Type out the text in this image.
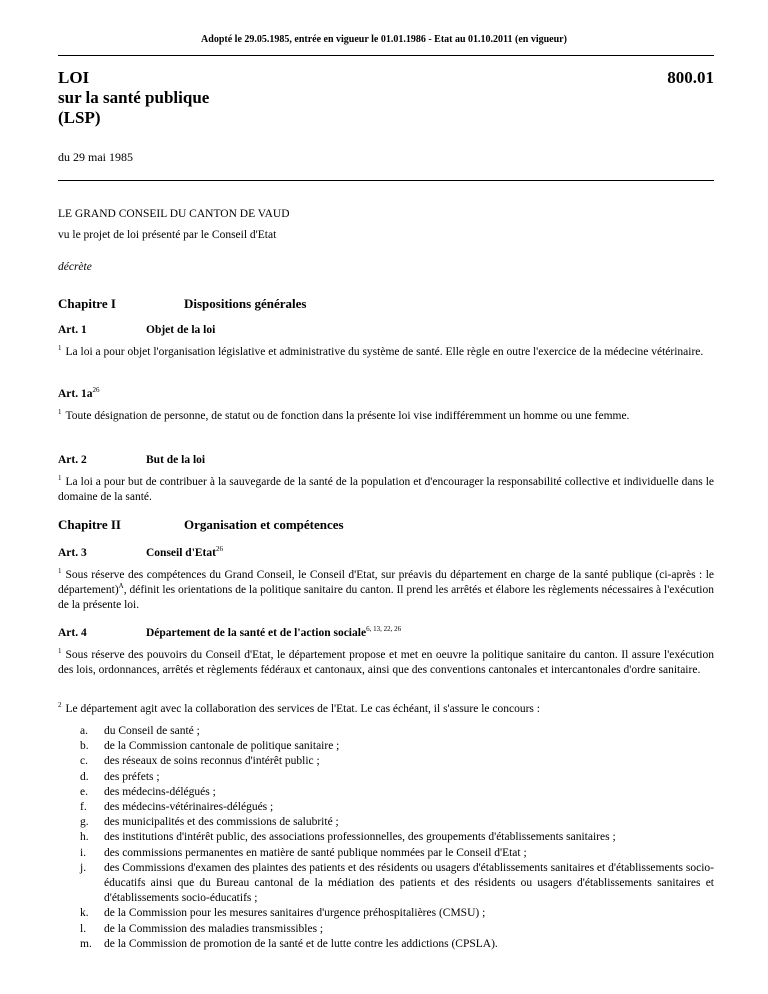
Adopté le 29.05.1985, entrée en vigueur le 01.01.1986 - Etat au 01.10.2011 (en vigueur)
LOI
sur la santé publique
(LSP)
800.01
du 29 mai 1985
LE GRAND CONSEIL DU CANTON DE VAUD
vu le projet de loi présenté par le Conseil d'Etat
décrète
Chapitre I	Dispositions générales
Art. 1	Objet de la loi
$^1$ La loi a pour objet l'organisation législative et administrative du système de santé. Elle règle en outre l'exercice de la médecine vétérinaire.
Art. $1a^{26}$
$^1$ Toute désignation de personne, de statut ou de fonction dans la présente loi vise indifféremment un homme ou une femme.
Art. 2	But de la loi
$^1$ La loi a pour but de contribuer à la sauvegarde de la santé de la population et d'encourager la responsabilité collective et individuelle dans le domaine de la santé.
Chapitre II	Organisation et compétences
Art. 3	Conseil d'Etat$^{26}$
$^1$ Sous réserve des compétences du Grand Conseil, le Conseil d'Etat, sur préavis du département en charge de la santé publique (ci-après : le département)$^A$, définit les orientations de la politique sanitaire du canton. Il prend les arrêtés et élabore les règlements nécessaires à l'exécution de la présente loi.
Art. 4	Département de la santé et de l'action sociale$^{6, 13, 22, 26}$
$^1$ Sous réserve des pouvoirs du Conseil d'Etat, le département propose et met en oeuvre la politique sanitaire du canton. Il assure l'exécution des lois, ordonnances, arrêtés et règlements fédéraux et cantonaux, ainsi que des conventions cantonales et intercantonales d'ordre sanitaire.
$^2$ Le département agit avec la collaboration des services de l'Etat. Le cas échéant, il s'assure le concours :
a.	du Conseil de santé ;
b.	de la Commission cantonale de politique sanitaire ;
c.	des réseaux de soins reconnus d'intérêt public ;
d.	des préfets ;
e.	des médecins-délégués ;
f.	des médecins-vétérinaires-délégués ;
g.	des municipalités et des commissions de salubrité ;
h.	des institutions d'intérêt public, des associations professionnelles, des groupements d'établissements sanitaires ;
i.	des commissions permanentes en matière de santé publique nommées par le Conseil d'Etat ;
j.	des Commissions d'examen des plaintes des patients et des résidents ou usagers d'établissements sanitaires et d'établissements socio-éducatifs ainsi que du Bureau cantonal de la médiation des patients et des résidents ou usagers d'établissements sanitaires et d'établissements socio-éducatifs ;
k.	de la Commission pour les mesures sanitaires d'urgence préhospitalières (CMSU) ;
l.	de la Commission des maladies transmissibles ;
m.	de la Commission de promotion de la santé et de lutte contre les addictions (CPSLA).
